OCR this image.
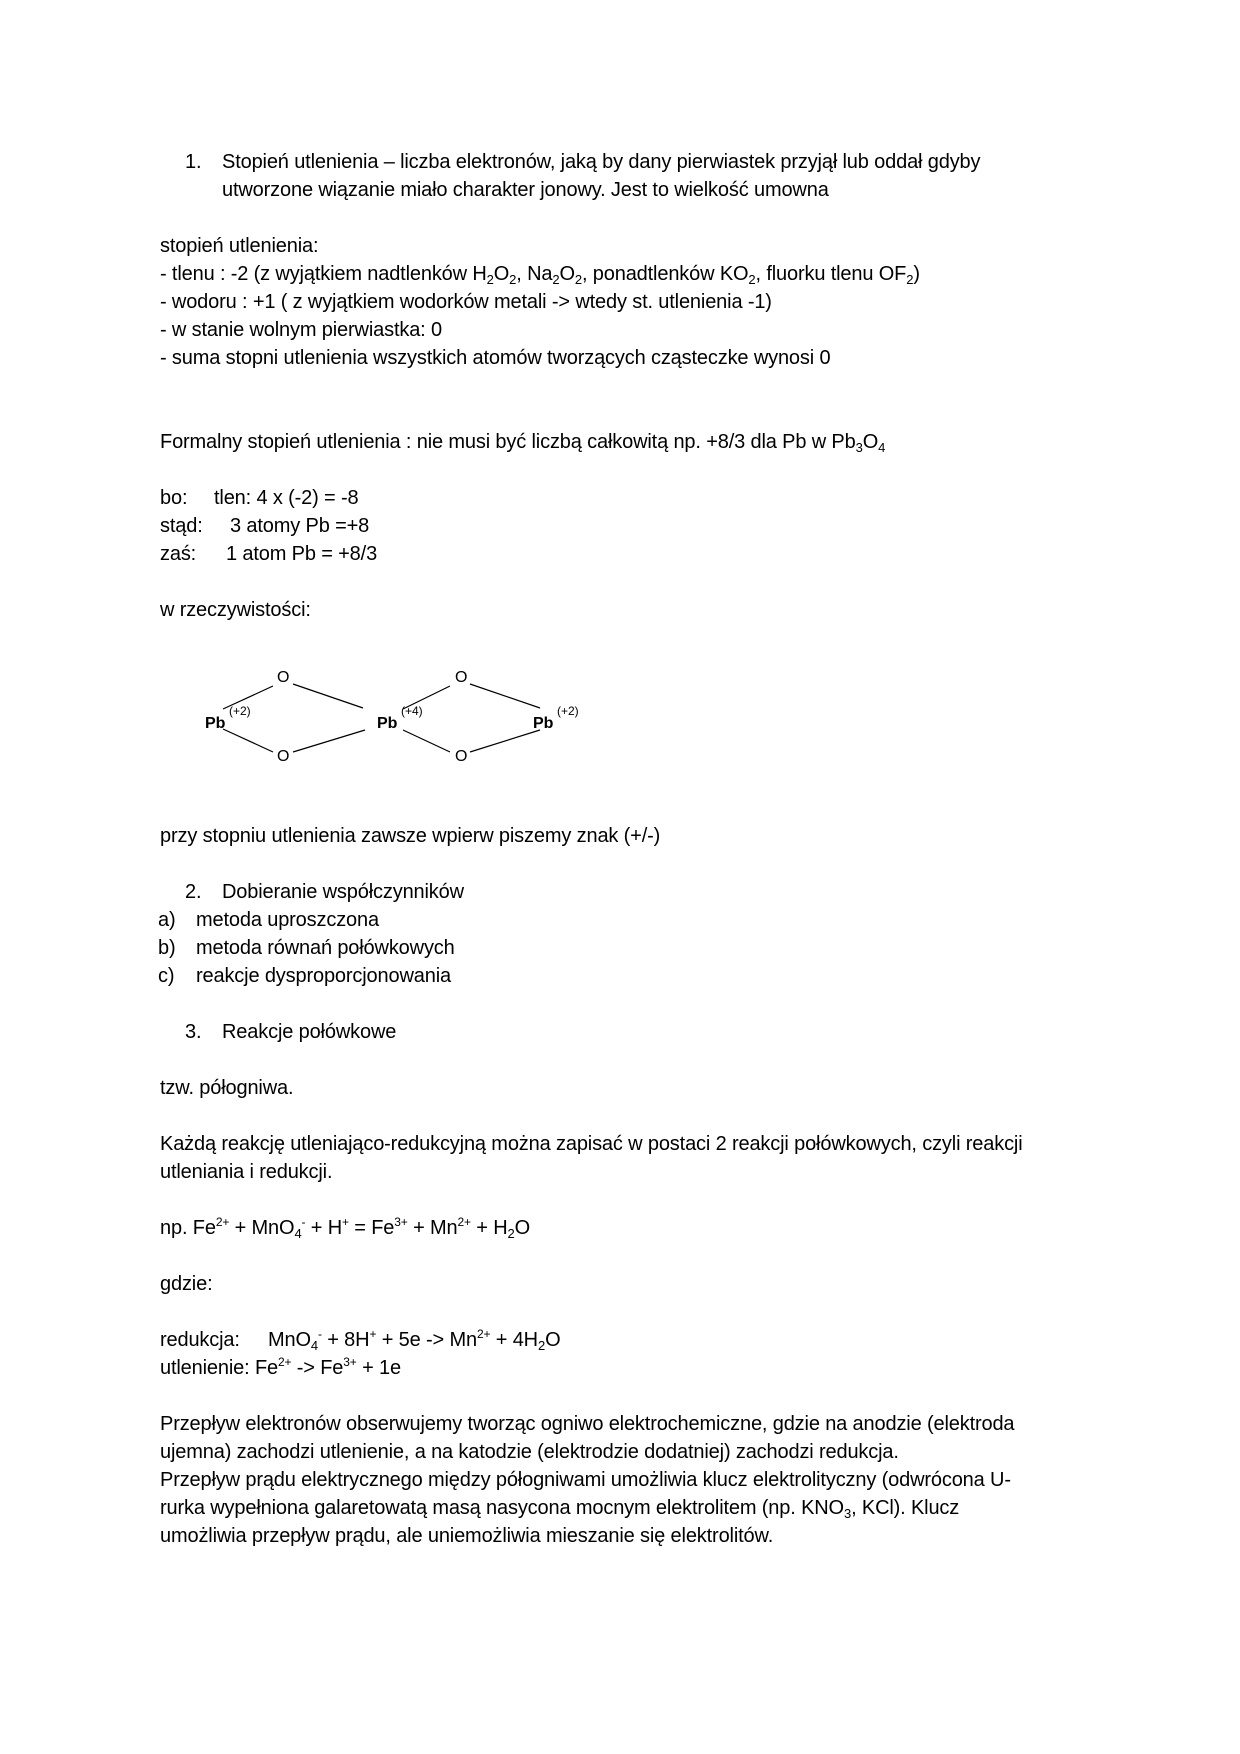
1. Stopień utlenienia – liczba elektronów, jaką by dany pierwiastek przyjął lub oddał gdyby
utworzone wiązanie miało charakter jonowy. Jest to wielkość umowna
stopień utlenienia:
- tlenu : -2 (z wyjątkiem nadtlenków $H_2O_2$, $Na_2O_2$, ponadtlenków $KO_2$, fluorku tlenu $OF_2$)
- wodoru : +1 ( z wyjątkiem wodorków metali -> wtedy st. utlenienia -1)
- w stanie wolnym pierwiastka: 0
- suma stopni utlenienia wszystkich atomów tworzących cząsteczke wynosi 0
Formalny stopień utlenienia : nie musi być liczbą całkowitą np. +8/3 dla Pb w $Pb_3O_4$
bo: tlen: 4 x (-2) = -8
stąd: 3 atomy Pb =+8
zaś: 1 atom Pb = +8/3
w rzeczywistości:
O
O
O
O
Pb
(+2)
Pb
(+4)
Pb
(+2)
przy stopniu utlenienia zawsze wpierw piszemy znak (+/-)
2. Dobieranie współczynników
a) metoda uproszczona
b) metoda równań połówkowych
c) reakcje dysproporcjonowania
3. Reakcje połówkowe
tzw. półogniwa.
Każdą reakcję utleniająco-redukcyjną można zapisać w postaci 2 reakcji połówkowych, czyli reakcji
utleniania i redukcji.
np. $Fe^{2+} + MnO_4^- + H^+ = Fe^{3+} + Mn^{2+} + H_2O$
gdzie:
redukcja: $MnO_4^- + 8H^+ + 5e -> Mn^{2+} + 4H_2O$
utlenienie: $Fe^{2+} -> Fe^{3+} + 1e$
Przepływ elektronów obserwujemy tworząc ogniwo elektrochemiczne, gdzie na anodzie (elektroda
ujemna) zachodzi utlenienie, a na katodzie (elektrodzie dodatniej) zachodzi redukcja.
Przepływ prądu elektrycznego między półogniwami umożliwia klucz elektrolityczny (odwrócona U-
rurka wypełniona galaretowatą masą nasycona mocnym elektrolitem (np. $KNO_3$, KCl). Klucz
umożliwia przepływ prądu, ale uniemożliwia mieszanie się elektrolitów.
